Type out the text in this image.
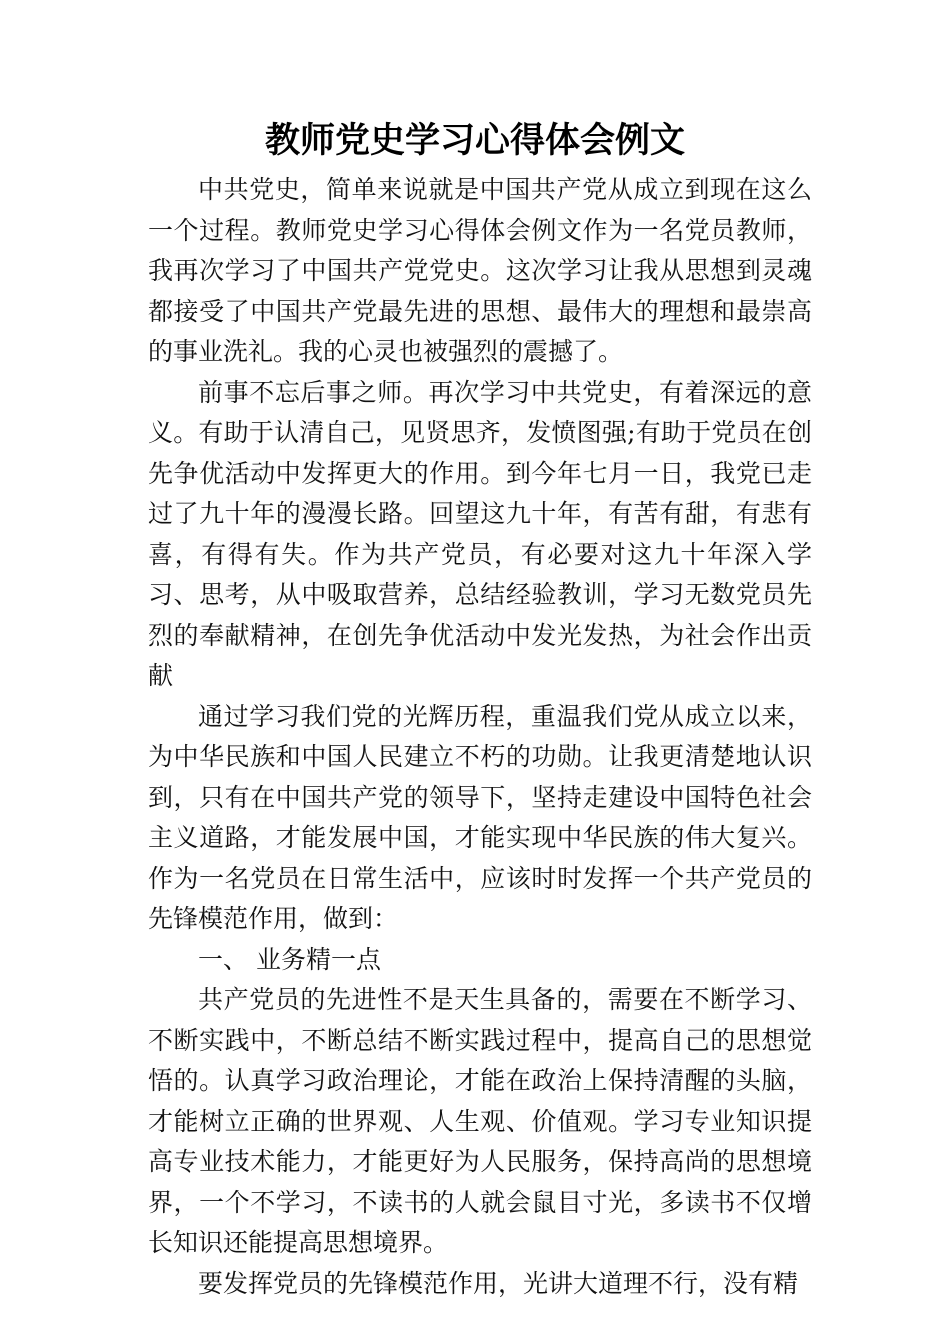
教师党史学习心得体会例文

中共党史，简单来说就是中国共产党从成立到现在这么一个过程。教师党史学习心得体会例文作为一名党员教师，我再次学习了中国共产党党史。这次学习让我从思想到灵魂都接受了中国共产党最先进的思想、最伟大的理想和最崇高的事业洗礼。我的心灵也被强烈的震撼了。

前事不忘后事之师。再次学习中共党史，有着深远的意义。有助于认清自己，见贤思齐，发愤图强;有助于党员在创先争优活动中发挥更大的作用。到今年七月一日，我党已走过了九十年的漫漫长路。回望这九十年，有苦有甜，有悲有喜，有得有失。作为共产党员，有必要对这九十年深入学习、思考，从中吸取营养，总结经验教训，学习无数党员先烈的奉献精神，在创先争优活动中发光发热，为社会作出贡献

通过学习我们党的光辉历程，重温我们党从成立以来，为中华民族和中国人民建立不朽的功勋。让我更清楚地认识到，只有在中国共产党的领导下，坚持走建设中国特色社会主义道路，才能发展中国，才能实现中华民族的伟大复兴。作为一名党员在日常生活中，应该时时发挥一个共产党员的先锋模范作用，做到：

一、 业务精一点

共产党员的先进性不是天生具备的，需要在不断学习、不断实践中，不断总结不断实践过程中，提高自己的思想觉悟的。认真学习政治理论，才能在政治上保持清醒的头脑，才能树立正确的世界观、人生观、价值观。学习专业知识提高专业技术能力，才能更好为人民服务，保持高尚的思想境界，一个不学习，不读书的人就会鼠目寸光，多读书不仅增长知识还能提高思想境界。

要发挥党员的先锋模范作用，光讲大道理不行，没有精
